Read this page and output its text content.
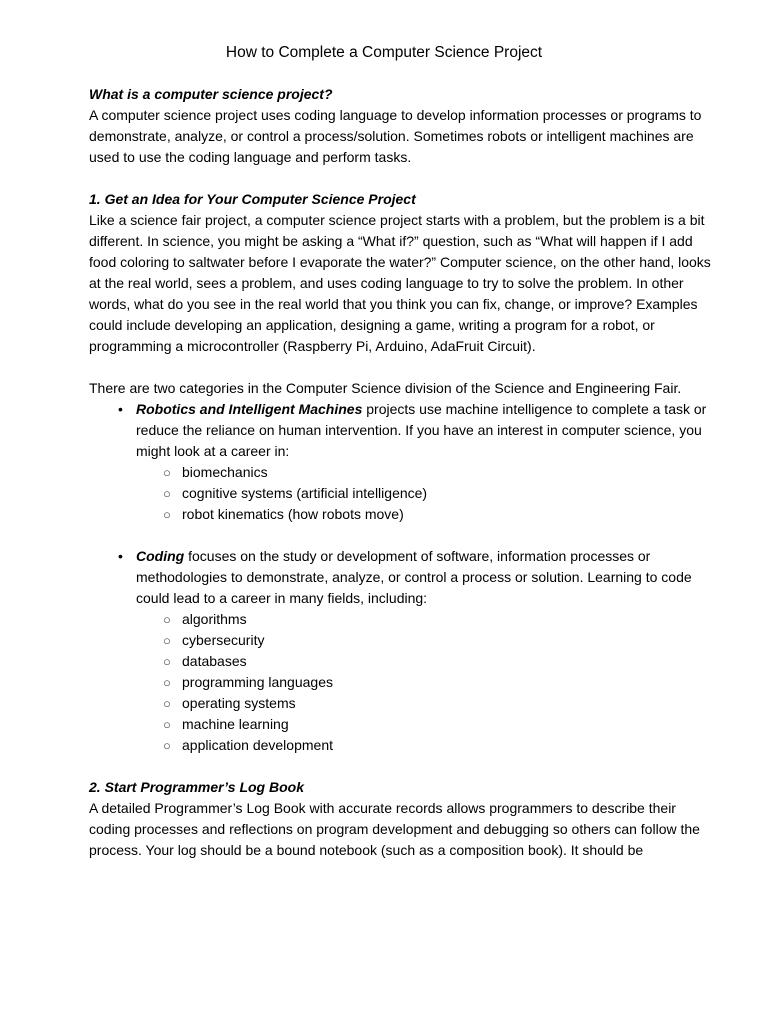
How to Complete a Computer Science Project

What is a computer science project?

A computer science project uses coding language to develop information processes or programs to demonstrate, analyze, or control a process/solution. Sometimes robots or intelligent machines are used to use the coding language and perform tasks.

1. Get an Idea for Your Computer Science Project

Like a science fair project, a computer science project starts with a problem, but the problem is a bit different. In science, you might be asking a “What if?” question, such as “What will happen if I add food coloring to saltwater before I evaporate the water?” Computer science, on the other hand, looks at the real world, sees a problem, and uses coding language to try to solve the problem. In other words, what do you see in the real world that you think you can fix, change, or improve? Examples could include developing an application, designing a game, writing a program for a robot, or programming a microcontroller (Raspberry Pi, Arduino, AdaFruit Circuit).

There are two categories in the Computer Science division of the Science and Engineering Fair.

• Robotics and Intelligent Machines projects use machine intelligence to complete a task or reduce the reliance on human intervention. If you have an interest in computer science, you might look at a career in:

○ biomechanics
○ cognitive systems (artificial intelligence)
○ robot kinematics (how robots move)

• Coding focuses on the study or development of software, information processes or methodologies to demonstrate, analyze, or control a process or solution. Learning to code could lead to a career in many fields, including:

○ algorithms
○ cybersecurity
○ databases
○ programming languages
○ operating systems
○ machine learning
○ application development

2. Start Programmer’s Log Book

A detailed Programmer’s Log Book with accurate records allows programmers to describe their coding processes and reflections on program development and debugging so others can follow the process. Your log should be a bound notebook (such as a composition book). It should be
